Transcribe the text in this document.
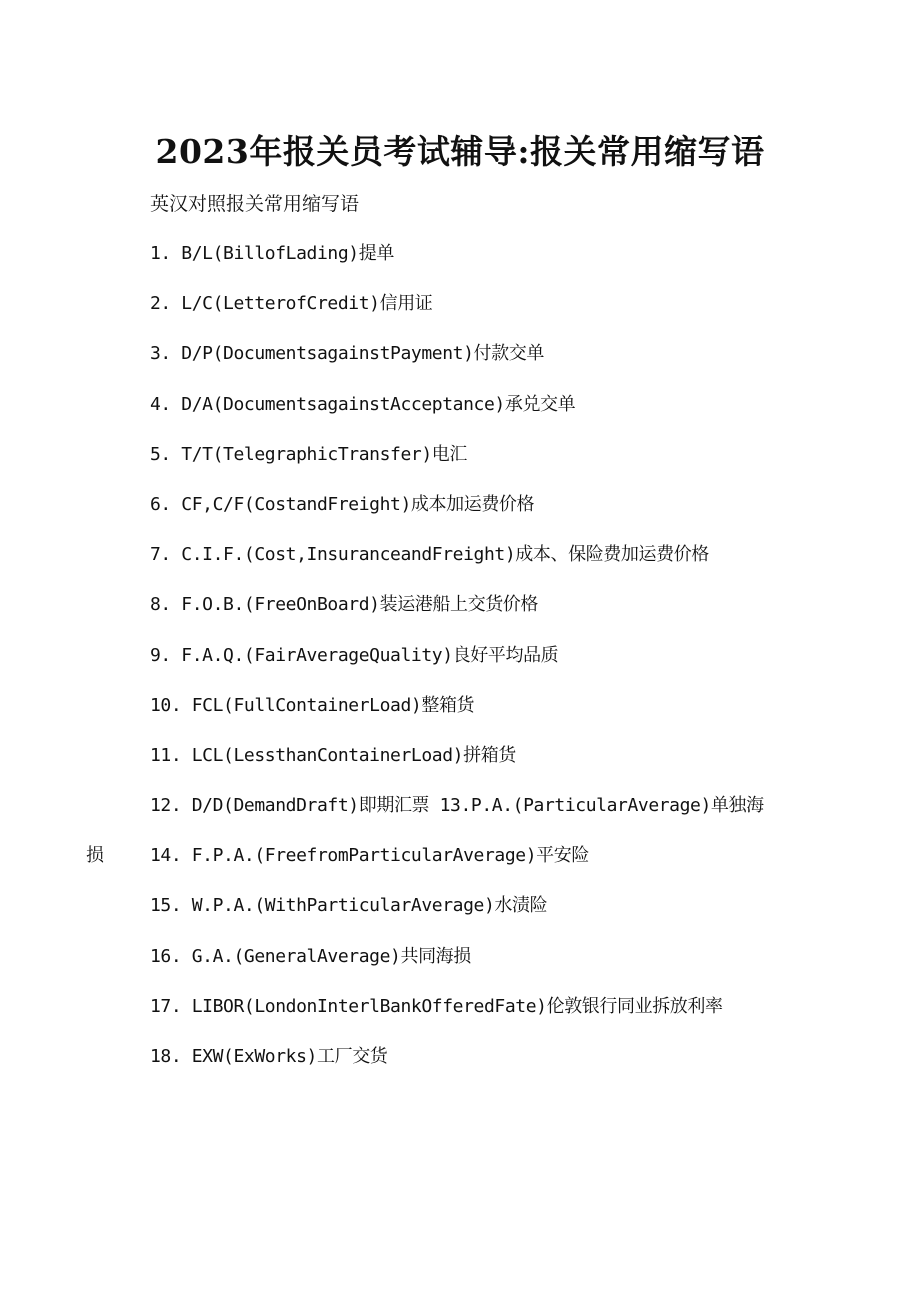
2023年报关员考试辅导:报关常用缩写语
英汉对照报关常用缩写语
1. B/L(BillofLading)提单
2. L/C(LetterofCredit)信用证
3. D/P(DocumentsagainstPayment)付款交单
4. D/A(DocumentsagainstAcceptance)承兑交单
5. T/T(TelegraphicTransfer)电汇
6. CF,C/F(CostandFreight)成本加运费价格
7. C.I.F.(Cost,InsuranceandFreight)成本、保险费加运费价格
8. F.O.B.(FreeOnBoard)装运港船上交货价格
9. F.A.Q.(FairAverageQuality)良好平均品质
10. FCL(FullContainerLoad)整箱货
11. LCL(LessthanContainerLoad)拼箱货
12. D/D(DemandDraft)即期汇票 13.P.A.(ParticularAverage)单独海
损	14. F.P.A.(FreefromParticularAverage)平安险
15. W.P.A.(WithParticularAverage)水渍险
16. G.A.(GeneralAverage)共同海损
17. LIBOR(LondonInterlBankOfferedFate)伦敦银行同业拆放利率
18. EXW(ExWorks)工厂交货
